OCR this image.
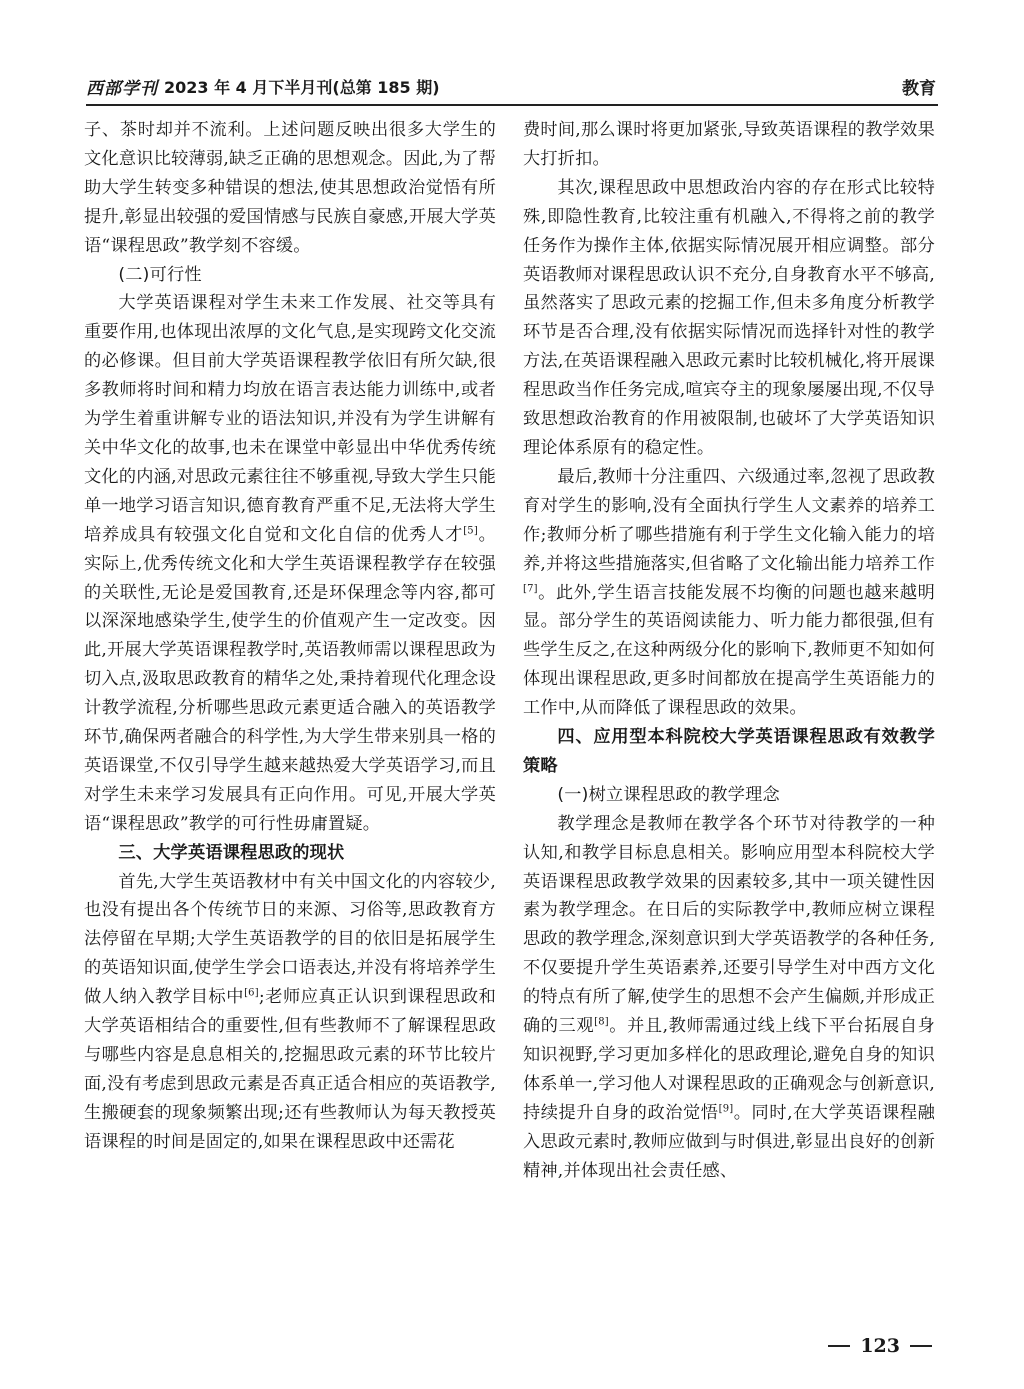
西部学刊 2023 年 4 月下半月刊(总第 185 期)	教育

子、茶时却并不流利。上述问题反映出很多大学生的文化意识比较薄弱,缺乏正确的思想观念。因此,为了帮助大学生转变多种错误的想法,使其思想政治觉悟有所提升,彰显出较强的爱国情感与民族自豪感,开展大学英语“课程思政”教学刻不容缓。

(二)可行性

大学英语课程对学生未来工作发展、社交等具有重要作用,也体现出浓厚的文化气息,是实现跨文化交流的必修课。但目前大学英语课程教学依旧有所欠缺,很多教师将时间和精力均放在语言表达能力训练中,或者为学生着重讲解专业的语法知识,并没有为学生讲解有关中华文化的故事,也未在课堂中彰显出中华优秀传统文化的内涵,对思政元素往往不够重视,导致大学生只能单一地学习语言知识,德育教育严重不足,无法将大学生培养成具有较强文化自觉和文化自信的优秀人才[5]。实际上,优秀传统文化和大学生英语课程教学存在较强的关联性,无论是爱国教育,还是环保理念等内容,都可以深深地感染学生,使学生的价值观产生一定改变。因此,开展大学英语课程教学时,英语教师需以课程思政为切入点,汲取思政教育的精华之处,秉持着现代化理念设计教学流程,分析哪些思政元素更适合融入的英语教学环节,确保两者融合的科学性,为大学生带来别具一格的英语课堂,不仅引导学生越来越热爱大学英语学习,而且对学生未来学习发展具有正向作用。可见,开展大学英语“课程思政”教学的可行性毋庸置疑。

三、大学英语课程思政的现状

首先,大学生英语教材中有关中国文化的内容较少,也没有提出各个传统节日的来源、习俗等,思政教育方法停留在早期;大学生英语教学的目的依旧是拓展学生的英语知识面,使学生学会口语表达,并没有将培养学生做人纳入教学目标中[6];老师应真正认识到课程思政和大学英语相结合的重要性,但有些教师不了解课程思政与哪些内容是息息相关的,挖掘思政元素的环节比较片面,没有考虑到思政元素是否真正适合相应的英语教学,生搬硬套的现象频繁出现;还有些教师认为每天教授英语课程的时间是固定的,如果在课程思政中还需花

费时间,那么课时将更加紧张,导致英语课程的教学效果大打折扣。

其次,课程思政中思想政治内容的存在形式比较特殊,即隐性教育,比较注重有机融入,不得将之前的教学任务作为操作主体,依据实际情况展开相应调整。部分英语教师对课程思政认识不充分,自身教育水平不够高,虽然落实了思政元素的挖掘工作,但未多角度分析教学环节是否合理,没有依据实际情况而选择针对性的教学方法,在英语课程融入思政元素时比较机械化,将开展课程思政当作任务完成,喧宾夺主的现象屡屡出现,不仅导致思想政治教育的作用被限制,也破坏了大学英语知识理论体系原有的稳定性。

最后,教师十分注重四、六级通过率,忽视了思政教育对学生的影响,没有全面执行学生人文素养的培养工作;教师分析了哪些措施有利于学生文化输入能力的培养,并将这些措施落实,但省略了文化输出能力培养工作[7]。此外,学生语言技能发展不均衡的问题也越来越明显。部分学生的英语阅读能力、听力能力都很强,但有些学生反之,在这种两级分化的影响下,教师更不知如何体现出课程思政,更多时间都放在提高学生英语能力的工作中,从而降低了课程思政的效果。

四、应用型本科院校大学英语课程思政有效教学策略

(一)树立课程思政的教学理念

教学理念是教师在教学各个环节对待教学的一种认知,和教学目标息息相关。影响应用型本科院校大学英语课程思政教学效果的因素较多,其中一项关键性因素为教学理念。在日后的实际教学中,教师应树立课程思政的教学理念,深刻意识到大学英语教学的各种任务,不仅要提升学生英语素养,还要引导学生对中西方文化的特点有所了解,使学生的思想不会产生偏颇,并形成正确的三观[8]。并且,教师需通过线上线下平台拓展自身知识视野,学习更加多样化的思政理论,避免自身的知识体系单一,学习他人对课程思政的正确观念与创新意识,持续提升自身的政治觉悟[9]。同时,在大学英语课程融入思政元素时,教师应做到与时俱进,彰显出良好的创新精神,并体现出社会责任感、

123
